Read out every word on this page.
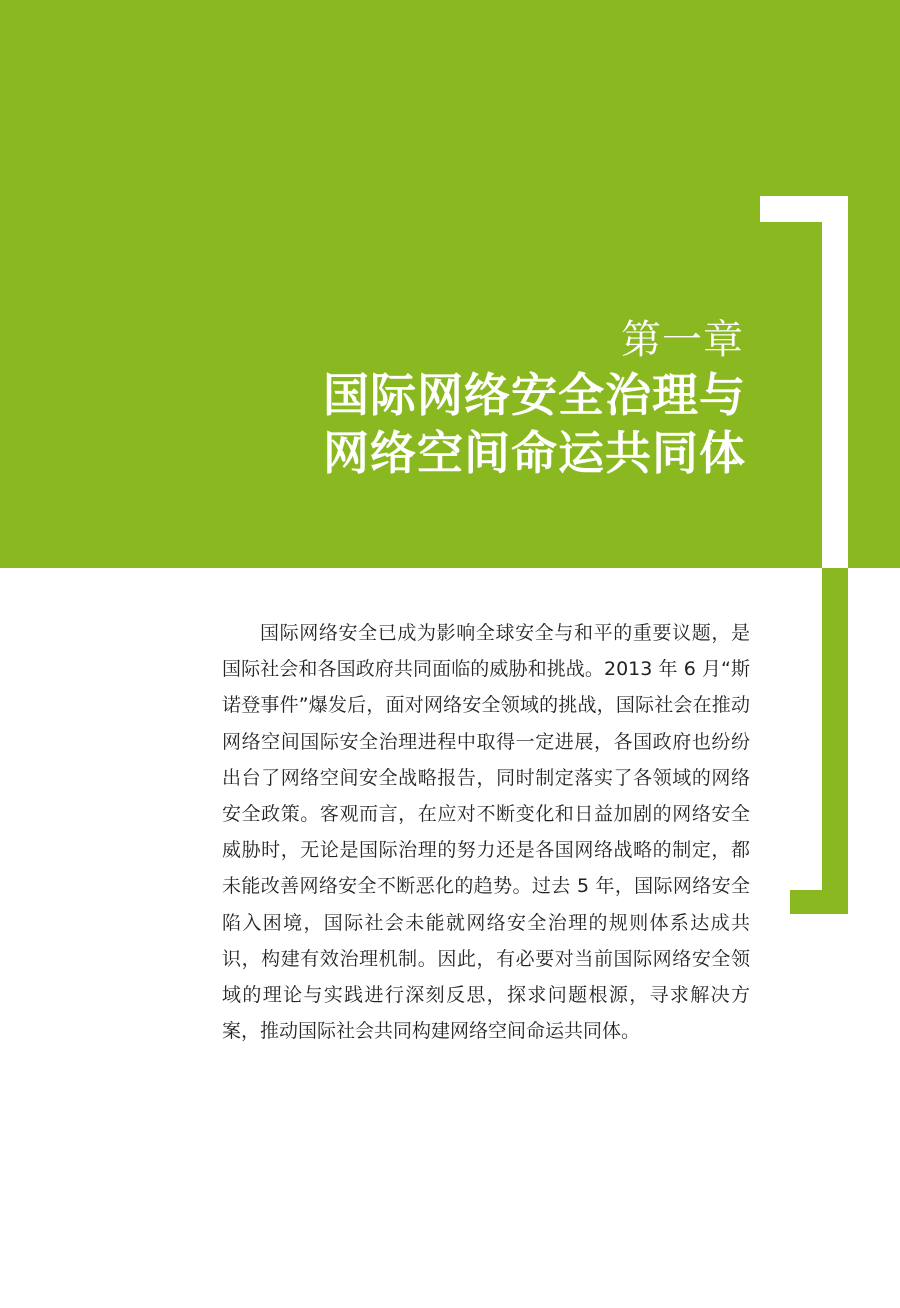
第一章
国际网络安全治理与
网络空间命运共同体

国际网络安全已成为影响全球安全与和平的重要议题，是国际社会和各国政府共同面临的威胁和挑战。2013 年 6 月“斯诺登事件”爆发后，面对网络安全领域的挑战，国际社会在推动网络空间国际安全治理进程中取得一定进展，各国政府也纷纷出台了网络空间安全战略报告，同时制定落实了各领域的网络安全政策。客观而言，在应对不断变化和日益加剧的网络安全威胁时，无论是国际治理的努力还是各国网络战略的制定，都未能改善网络安全不断恶化的趋势。过去 5 年，国际网络安全陷入困境，国际社会未能就网络安全治理的规则体系达成共识，构建有效治理机制。因此，有必要对当前国际网络安全领域的理论与实践进行深刻反思，探求问题根源，寻求解决方案，推动国际社会共同构建网络空间命运共同体。
